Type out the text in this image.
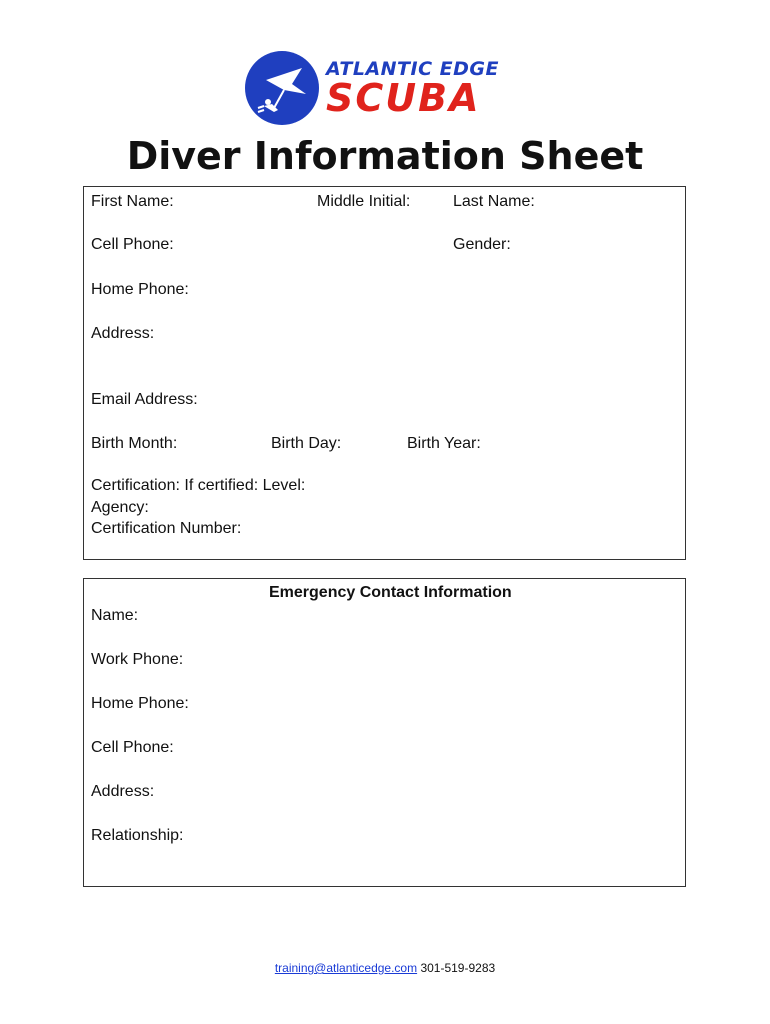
ATLANTIC EDGE
SCUBA
Diver Information Sheet
First Name:	Middle Initial:	Last Name:
Cell Phone:	Gender:
Home Phone:
Address:
Email Address:
Birth Month:	Birth Day:	Birth Year:
Certification: If certified: Level:
Agency:
Certification Number:
Emergency Contact Information
Name:
Work Phone:
Home Phone:
Cell Phone:
Address:
Relationship:
training@atlanticedge.com 301-519-9283
